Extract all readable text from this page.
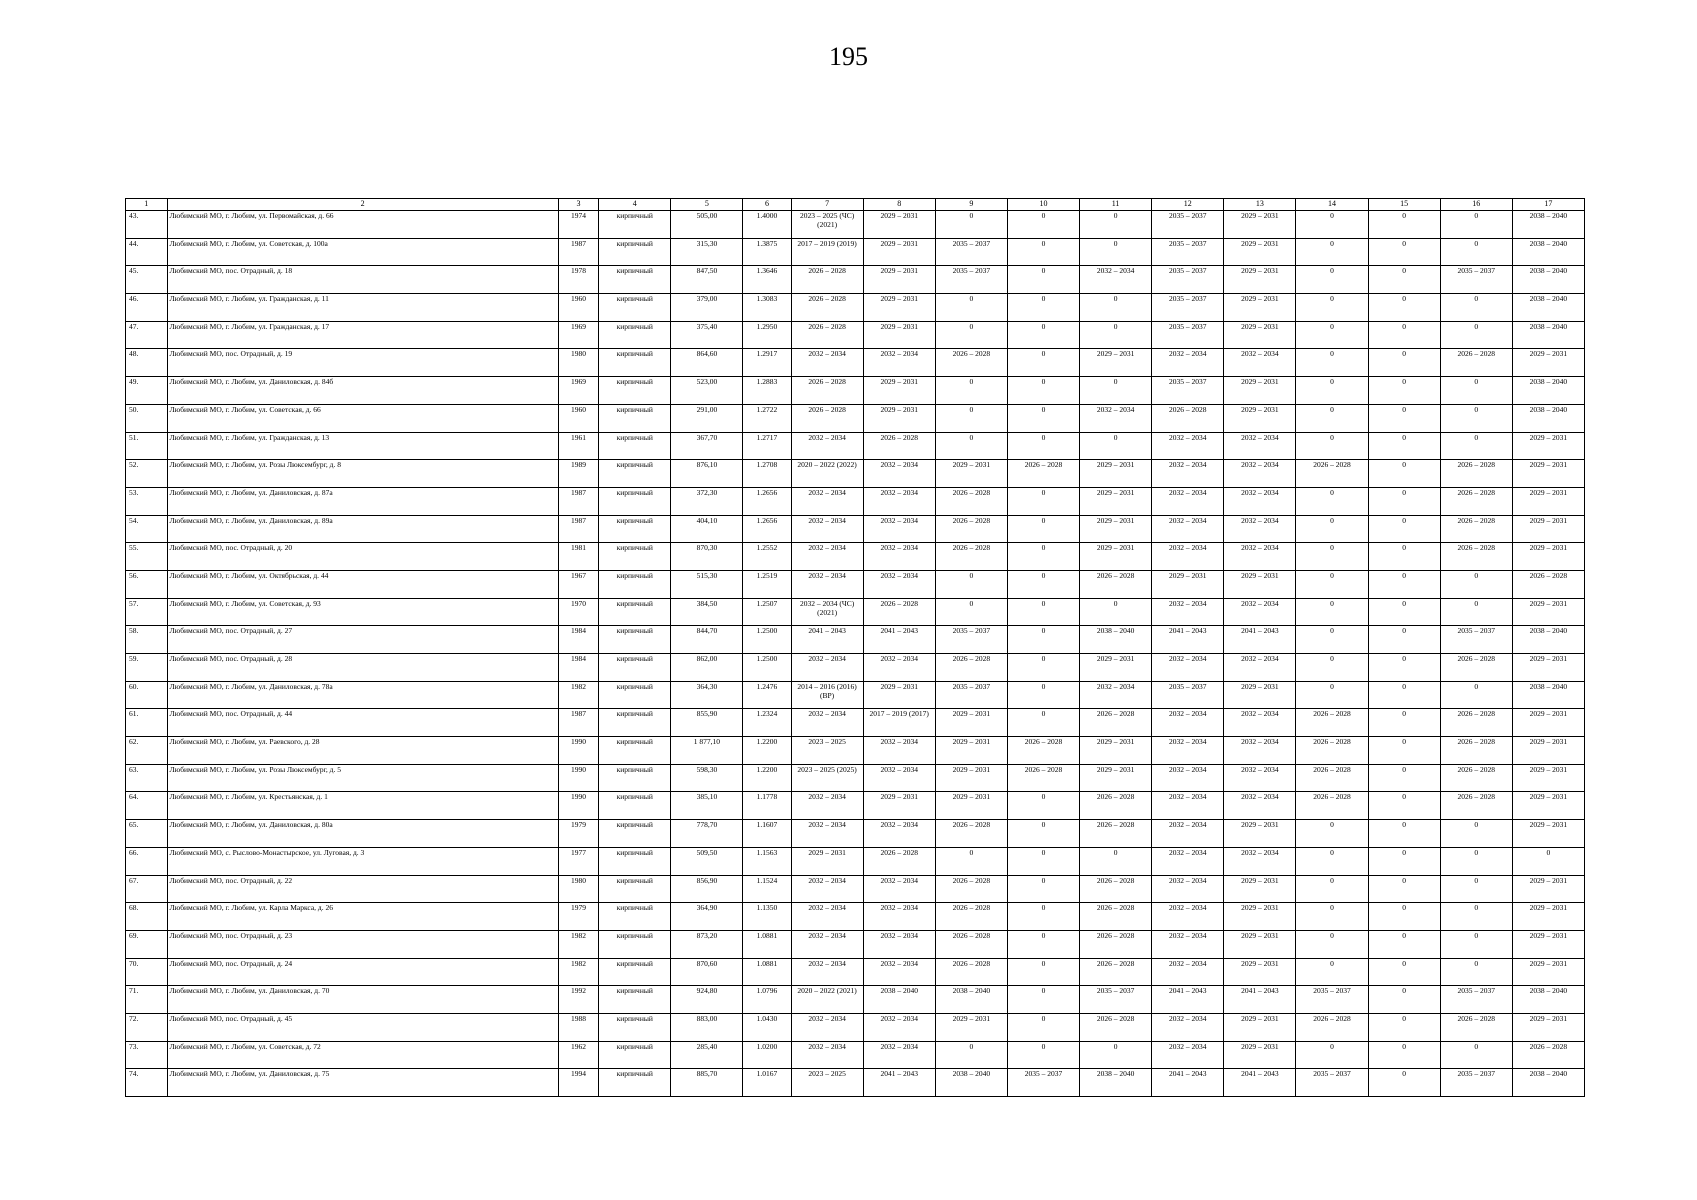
195
1	2	3	4	5	6	7	8	9	10	11	12	13	14	15	16	17
43.	Любимский МО, г. Любим, ул. Первомайская, д. 66	1974	кирпичный	505,00	1.4000	2023 – 2025 (ЧС) (2021)	2029 – 2031	0	0	0	2035 – 2037	2029 – 2031	0	0	0	2038 – 2040
44.	Любимский МО, г. Любим, ул. Советская, д. 100а	1987	кирпичный	315,30	1.3875	2017 – 2019 (2019)	2029 – 2031	2035 – 2037	0	0	2035 – 2037	2029 – 2031	0	0	0	2038 – 2040
45.	Любимский МО, пос. Отрадный, д. 18	1978	кирпичный	847,50	1.3646	2026 – 2028	2029 – 2031	2035 – 2037	0	2032 – 2034	2035 – 2037	2029 – 2031	0	0	2035 – 2037	2038 – 2040
46.	Любимский МО, г. Любим, ул. Гражданская, д. 11	1960	кирпичный	379,00	1.3083	2026 – 2028	2029 – 2031	0	0	0	2035 – 2037	2029 – 2031	0	0	0	2038 – 2040
47.	Любимский МО, г. Любим, ул. Гражданская, д. 17	1969	кирпичный	375,40	1.2950	2026 – 2028	2029 – 2031	0	0	0	2035 – 2037	2029 – 2031	0	0	0	2038 – 2040
48.	Любимский МО, пос. Отрадный, д. 19	1980	кирпичный	864,60	1.2917	2032 – 2034	2032 – 2034	2026 – 2028	0	2029 – 2031	2032 – 2034	2032 – 2034	0	0	2026 – 2028	2029 – 2031
49.	Любимский МО, г. Любим, ул. Даниловская, д. 84б	1969	кирпичный	523,00	1.2883	2026 – 2028	2029 – 2031	0	0	0	2035 – 2037	2029 – 2031	0	0	0	2038 – 2040
50.	Любимский МО, г. Любим, ул. Советская, д. 66	1960	кирпичный	291,00	1.2722	2026 – 2028	2029 – 2031	0	0	2032 – 2034	2026 – 2028	2029 – 2031	0	0	0	2038 – 2040
51.	Любимский МО, г. Любим, ул. Гражданская, д. 13	1961	кирпичный	367,70	1.2717	2032 – 2034	2026 – 2028	0	0	0	2032 – 2034	2032 – 2034	0	0	0	2029 – 2031
52.	Любимский МО, г. Любим, ул. Розы Люксембург, д. 8	1989	кирпичный	876,10	1.2708	2020 – 2022 (2022)	2032 – 2034	2029 – 2031	2026 – 2028	2029 – 2031	2032 – 2034	2032 – 2034	2026 – 2028	0	2026 – 2028	2029 – 2031
53.	Любимский МО, г. Любим, ул. Даниловская, д. 87а	1987	кирпичный	372,30	1.2656	2032 – 2034	2032 – 2034	2026 – 2028	0	2029 – 2031	2032 – 2034	2032 – 2034	0	0	2026 – 2028	2029 – 2031
54.	Любимский МО, г. Любим, ул. Даниловская, д. 89а	1987	кирпичный	404,10	1.2656	2032 – 2034	2032 – 2034	2026 – 2028	0	2029 – 2031	2032 – 2034	2032 – 2034	0	0	2026 – 2028	2029 – 2031
55.	Любимский МО, пос. Отрадный, д. 20	1981	кирпичный	870,30	1.2552	2032 – 2034	2032 – 2034	2026 – 2028	0	2029 – 2031	2032 – 2034	2032 – 2034	0	0	2026 – 2028	2029 – 2031
56.	Любимский МО, г. Любим, ул. Октябрьская, д. 44	1967	кирпичный	515,30	1.2519	2032 – 2034	2032 – 2034	0	0	2026 – 2028	2029 – 2031	2029 – 2031	0	0	0	2026 – 2028
57.	Любимский МО, г. Любим, ул. Советская, д. 93	1970	кирпичный	384,50	1.2507	2032 – 2034 (ЧС) (2021)	2026 – 2028	0	0	0	2032 – 2034	2032 – 2034	0	0	0	2029 – 2031
58.	Любимский МО, пос. Отрадный, д. 27	1984	кирпичный	844,70	1.2500	2041 – 2043	2041 – 2043	2035 – 2037	0	2038 – 2040	2041 – 2043	2041 – 2043	0	0	2035 – 2037	2038 – 2040
59.	Любимский МО, пос. Отрадный, д. 28	1984	кирпичный	862,00	1.2500	2032 – 2034	2032 – 2034	2026 – 2028	0	2029 – 2031	2032 – 2034	2032 – 2034	0	0	2026 – 2028	2029 – 2031
60.	Любимский МО, г. Любим, ул. Даниловская, д. 78а	1982	кирпичный	364,30	1.2476	2014 – 2016 (2016) (ВР)	2029 – 2031	2035 – 2037	0	2032 – 2034	2035 – 2037	2029 – 2031	0	0	0	2038 – 2040
61.	Любимский МО, пос. Отрадный, д. 44	1987	кирпичный	855,90	1.2324	2032 – 2034	2017 – 2019 (2017)	2029 – 2031	0	2026 – 2028	2032 – 2034	2032 – 2034	2026 – 2028	0	2026 – 2028	2029 – 2031
62.	Любимский МО, г. Любим, ул. Раевского, д. 28	1990	кирпичный	1 877,10	1.2200	2023 – 2025	2032 – 2034	2029 – 2031	2026 – 2028	2029 – 2031	2032 – 2034	2032 – 2034	2026 – 2028	0	2026 – 2028	2029 – 2031
63.	Любимский МО, г. Любим, ул. Розы Люксембург, д. 5	1990	кирпичный	598,30	1.2200	2023 – 2025 (2025)	2032 – 2034	2029 – 2031	2026 – 2028	2029 – 2031	2032 – 2034	2032 – 2034	2026 – 2028	0	2026 – 2028	2029 – 2031
64.	Любимский МО, г. Любим, ул. Крестьянская, д. 1	1990	кирпичный	385,10	1.1778	2032 – 2034	2029 – 2031	2029 – 2031	0	2026 – 2028	2032 – 2034	2032 – 2034	2026 – 2028	0	2026 – 2028	2029 – 2031
65.	Любимский МО, г. Любим, ул. Даниловская, д. 80а	1979	кирпичный	778,70	1.1607	2032 – 2034	2032 – 2034	2026 – 2028	0	2026 – 2028	2032 – 2034	2029 – 2031	0	0	0	2029 – 2031
66.	Любимский МО, с. Рыслово-Монастырское, ул. Луговая, д. 3	1977	кирпичный	509,50	1.1563	2029 – 2031	2026 – 2028	0	0	0	2032 – 2034	2032 – 2034	0	0	0	0
67.	Любимский МО, пос. Отрадный, д. 22	1980	кирпичный	856,90	1.1524	2032 – 2034	2032 – 2034	2026 – 2028	0	2026 – 2028	2032 – 2034	2029 – 2031	0	0	0	2029 – 2031
68.	Любимский МО, г. Любим, ул. Карла Маркса, д. 26	1979	кирпичный	364,90	1.1350	2032 – 2034	2032 – 2034	2026 – 2028	0	2026 – 2028	2032 – 2034	2029 – 2031	0	0	0	2029 – 2031
69.	Любимский МО, пос. Отрадный, д. 23	1982	кирпичный	873,20	1.0881	2032 – 2034	2032 – 2034	2026 – 2028	0	2026 – 2028	2032 – 2034	2029 – 2031	0	0	0	2029 – 2031
70.	Любимский МО, пос. Отрадный, д. 24	1982	кирпичный	870,60	1.0881	2032 – 2034	2032 – 2034	2026 – 2028	0	2026 – 2028	2032 – 2034	2029 – 2031	0	0	0	2029 – 2031
71.	Любимский МО, г. Любим, ул. Даниловская, д. 70	1992	кирпичный	924,80	1.0796	2020 – 2022 (2021)	2038 – 2040	2038 – 2040	0	2035 – 2037	2041 – 2043	2041 – 2043	2035 – 2037	0	2035 – 2037	2038 – 2040
72.	Любимский МО, пос. Отрадный, д. 45	1988	кирпичный	883,00	1.0430	2032 – 2034	2032 – 2034	2029 – 2031	0	2026 – 2028	2032 – 2034	2029 – 2031	2026 – 2028	0	2026 – 2028	2029 – 2031
73.	Любимский МО, г. Любим, ул. Советская, д. 72	1962	кирпичный	285,40	1.0200	2032 – 2034	2032 – 2034	0	0	0	2032 – 2034	2029 – 2031	0	0	0	2026 – 2028
74.	Любимский МО, г. Любим, ул. Даниловская, д. 75	1994	кирпичный	885,70	1.0167	2023 – 2025	2041 – 2043	2038 – 2040	2035 – 2037	2038 – 2040	2041 – 2043	2041 – 2043	2035 – 2037	0	2035 – 2037	2038 – 2040
